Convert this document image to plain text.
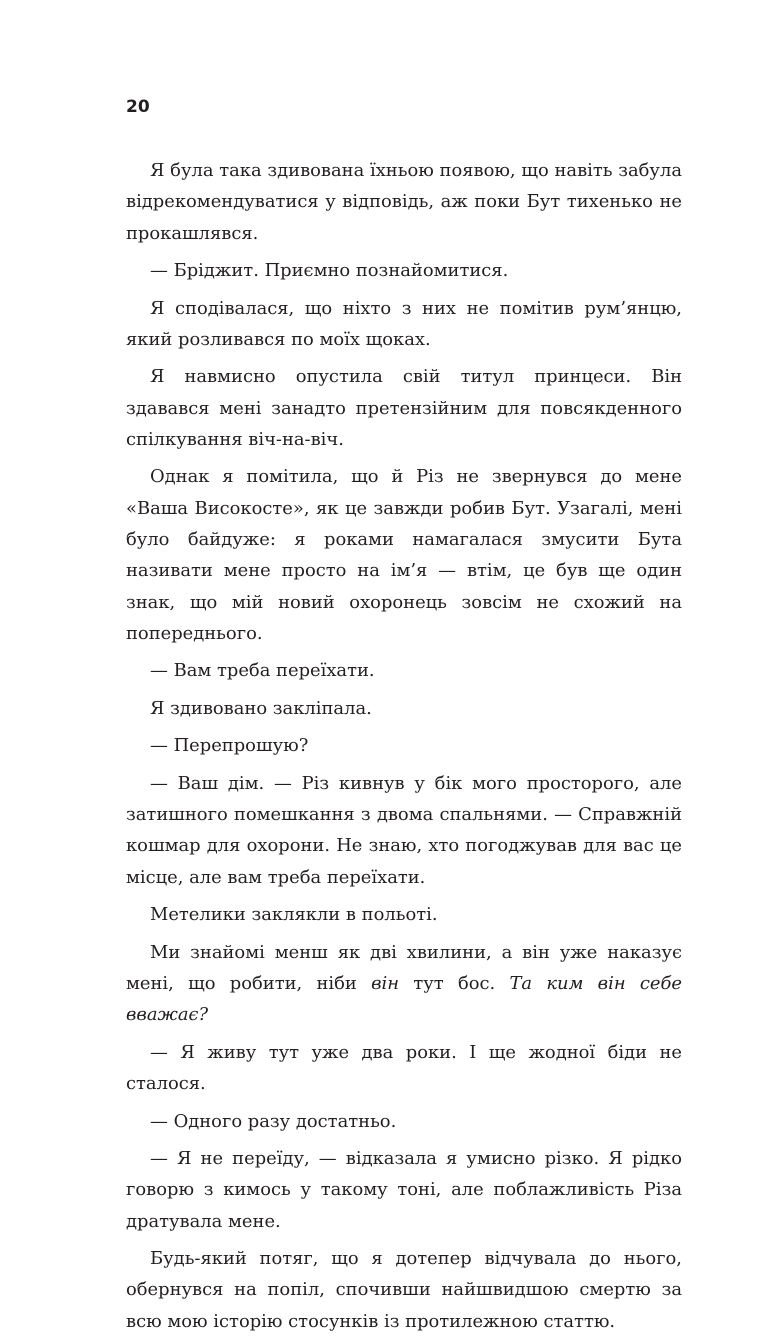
20

Я була така здивована їхньою появою, що навіть забула відрекомендуватися у відповідь, аж поки Бут тихенько не прокашлявся.

— Бріджит. Приємно познайомитися.

Я сподівалася, що ніхто з них не помітив рум’янцю, який розливався по моїх щоках.

Я навмисно опустила свій титул принцеси. Він здавався мені занадто претензійним для повсякденного спілкування віч-на-віч.

Однак я помітила, що й Різ не звернувся до мене «Ваша Високосте», як це завжди робив Бут. Узагалі, мені було байдуже: я роками намагалася змусити Бута називати мене просто на ім’я — втім, це був ще один знак, що мій новий охоронець зовсім не схожий на попереднього.

— Вам треба переїхати.

Я здивовано закліпала.

— Перепрошую?

— Ваш дім. — Різ кивнув у бік мого просторого, але затишного помешкання з двома спальнями. — Справжній кошмар для охорони. Не знаю, хто погоджував для вас це місце, але вам треба переїхати.

Метелики заклякли в польоті.

Ми знайомі менш як дві хвилини, а він уже наказує мені, що робити, ніби він тут бос. Та ким він себе вважає?

— Я живу тут уже два роки. І ще жодної біди не сталося.

— Одного разу достатньо.

— Я не переїду, — відказала я умисно різко. Я рідко говорю з кимось у такому тоні, але поблажливість Різа дратувала мене.

Будь-який потяг, що я дотепер відчувала до нього, обернувся на попіл, спочивши найшвидшою смертю за всю мою історію стосунків із протилежною статтю.
